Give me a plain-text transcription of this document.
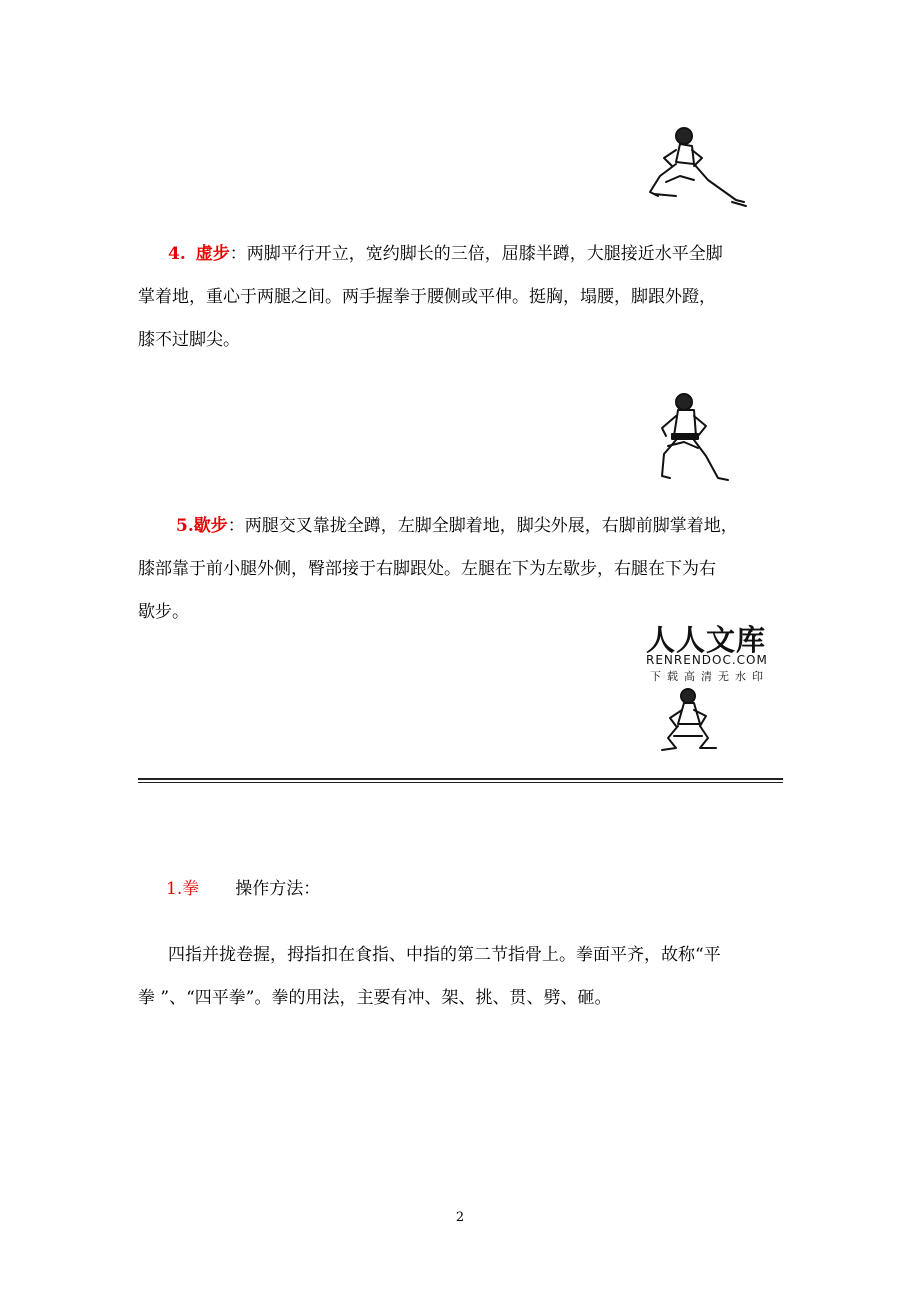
4. 虚步：两脚平行开立，宽约脚长的三倍，屈膝半蹲，大腿接近水平全脚
掌着地，重心于两腿之间。两手握拳于腰侧或平伸。挺胸，塌腰，脚跟外蹬，
膝不过脚尖。
5.歇步：两腿交叉靠拢全蹲，左脚全脚着地，脚尖外展，右脚前脚掌着地，
膝部靠于前小腿外侧，臀部接于右脚跟处。左腿在下为左歇步，右腿在下为右
歇步。
人人文库
RENRENDOC.COM
下载高清无水印
1.拳 操作方法：
四指并拢卷握，拇指扣在食指、中指的第二节指骨上。拳面平齐，故称“平
拳 ”、“四平拳”。拳的用法，主要有冲、架、挑、贯、劈、砸。
2
